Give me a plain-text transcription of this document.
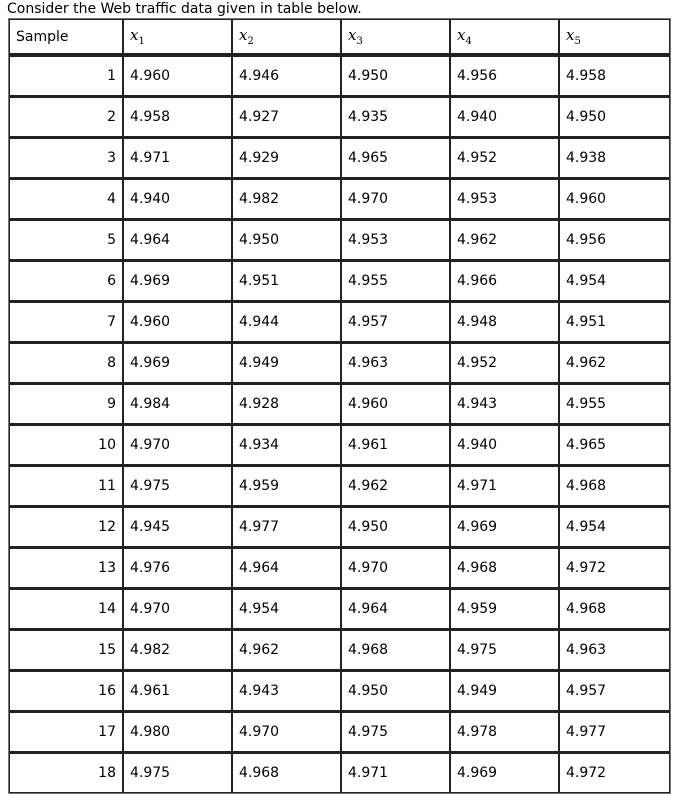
Consider the Web traffic data given in table below.
Sample	$x_1$	$x_2$	$x_3$	$x_4$	$x_5$
1	4.960	4.946	4.950	4.956	4.958
2	4.958	4.927	4.935	4.940	4.950
3	4.971	4.929	4.965	4.952	4.938
4	4.940	4.982	4.970	4.953	4.960
5	4.964	4.950	4.953	4.962	4.956
6	4.969	4.951	4.955	4.966	4.954
7	4.960	4.944	4.957	4.948	4.951
8	4.969	4.949	4.963	4.952	4.962
9	4.984	4.928	4.960	4.943	4.955
10	4.970	4.934	4.961	4.940	4.965
11	4.975	4.959	4.962	4.971	4.968
12	4.945	4.977	4.950	4.969	4.954
13	4.976	4.964	4.970	4.968	4.972
14	4.970	4.954	4.964	4.959	4.968
15	4.982	4.962	4.968	4.975	4.963
16	4.961	4.943	4.950	4.949	4.957
17	4.980	4.970	4.975	4.978	4.977
18	4.975	4.968	4.971	4.969	4.972
